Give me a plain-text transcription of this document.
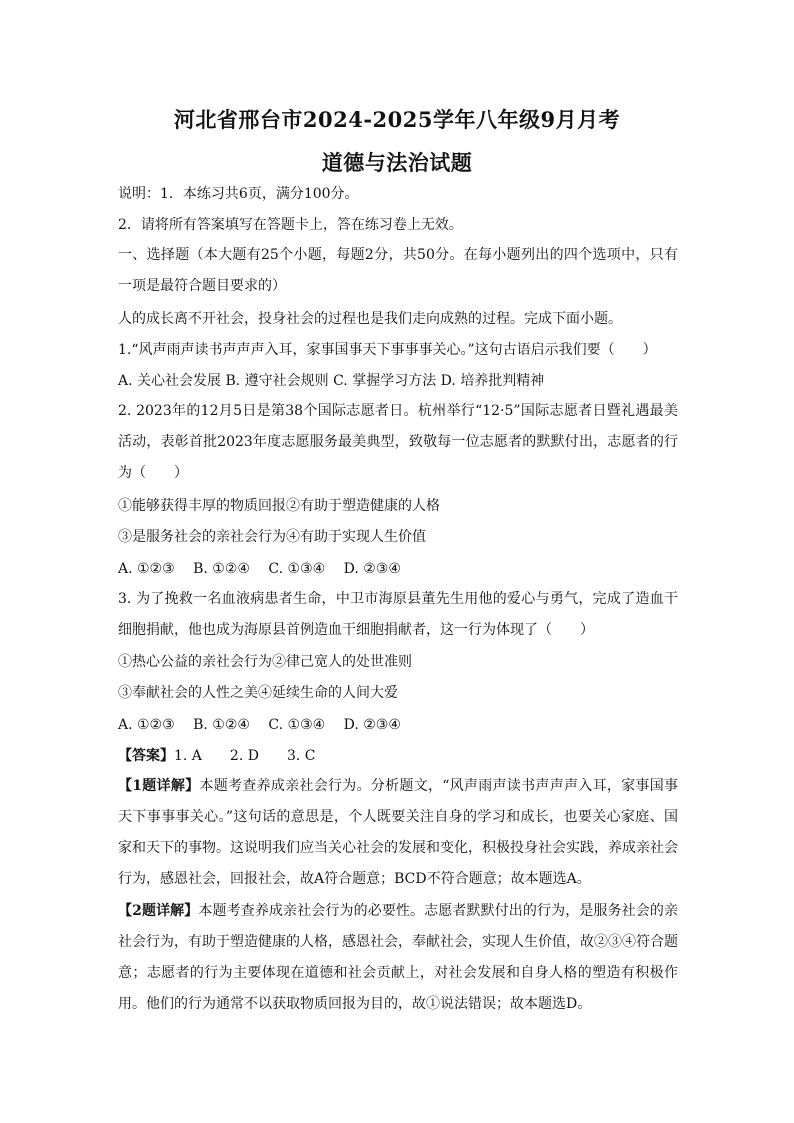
河北省邢台市2024-2025学年八年级9月月考
道德与法治试题
说明：1．本练习共6页，满分100分。
2．请将所有答案填写在答题卡上，答在练习卷上无效。
一、选择题（本大题有25个小题，每题2分，共50分。在每小题列出的四个选项中，只有一项是最符合题目要求的）
人的成长离不开社会，投身社会的过程也是我们走向成熟的过程。完成下面小题。
1.“风声雨声读书声声声入耳，家事国事天下事事事关心。”这句古语启示我们要（　　）
A. 关心社会发展 B. 遵守社会规则 C. 掌握学习方法 D. 培养批判精神
2. 2023年的12月5日是第38个国际志愿者日。杭州举行“12·5”国际志愿者日暨礼遇最美活动，表彰首批2023年度志愿服务最美典型，致敬每一位志愿者的默默付出，志愿者的行为（　　）
①能够获得丰厚的物质回报②有助于塑造健康的人格
③是服务社会的亲社会行为④有助于实现人生价值
A. ①②③　 B. ①②④　 C. ①③④　 D. ②③④
3. 为了挽救一名血液病患者生命，中卫市海原县董先生用他的爱心与勇气，完成了造血干细胞捐献，他也成为海原县首例造血干细胞捐献者，这一行为体现了（　　）
①热心公益的亲社会行为②律己宽人的处世准则
③奉献社会的人性之美④延续生命的人间大爱
A. ①②③　 B. ①②④　 C. ①③④　 D. ②③④
【答案】1. A　　2. D　　3. C
【1题详解】本题考查养成亲社会行为。分析题文，“风声雨声读书声声声入耳，家事国事天下事事事关心。”这句话的意思是，个人既要关注自身的学习和成长，也要关心家庭、国家和天下的事物。这说明我们应当关心社会的发展和变化，积极投身社会实践，养成亲社会行为，感恩社会，回报社会，故A符合题意；BCD不符合题意；故本题选A。
【2题详解】本题考查养成亲社会行为的必要性。志愿者默默付出的行为，是服务社会的亲社会行为，有助于塑造健康的人格，感恩社会，奉献社会，实现人生价值，故②③④符合题意；志愿者的行为主要体现在道德和社会贡献上，对社会发展和自身人格的塑造有积极作用。他们的行为通常不以获取物质回报为目的，故①说法错误；故本题选D。
